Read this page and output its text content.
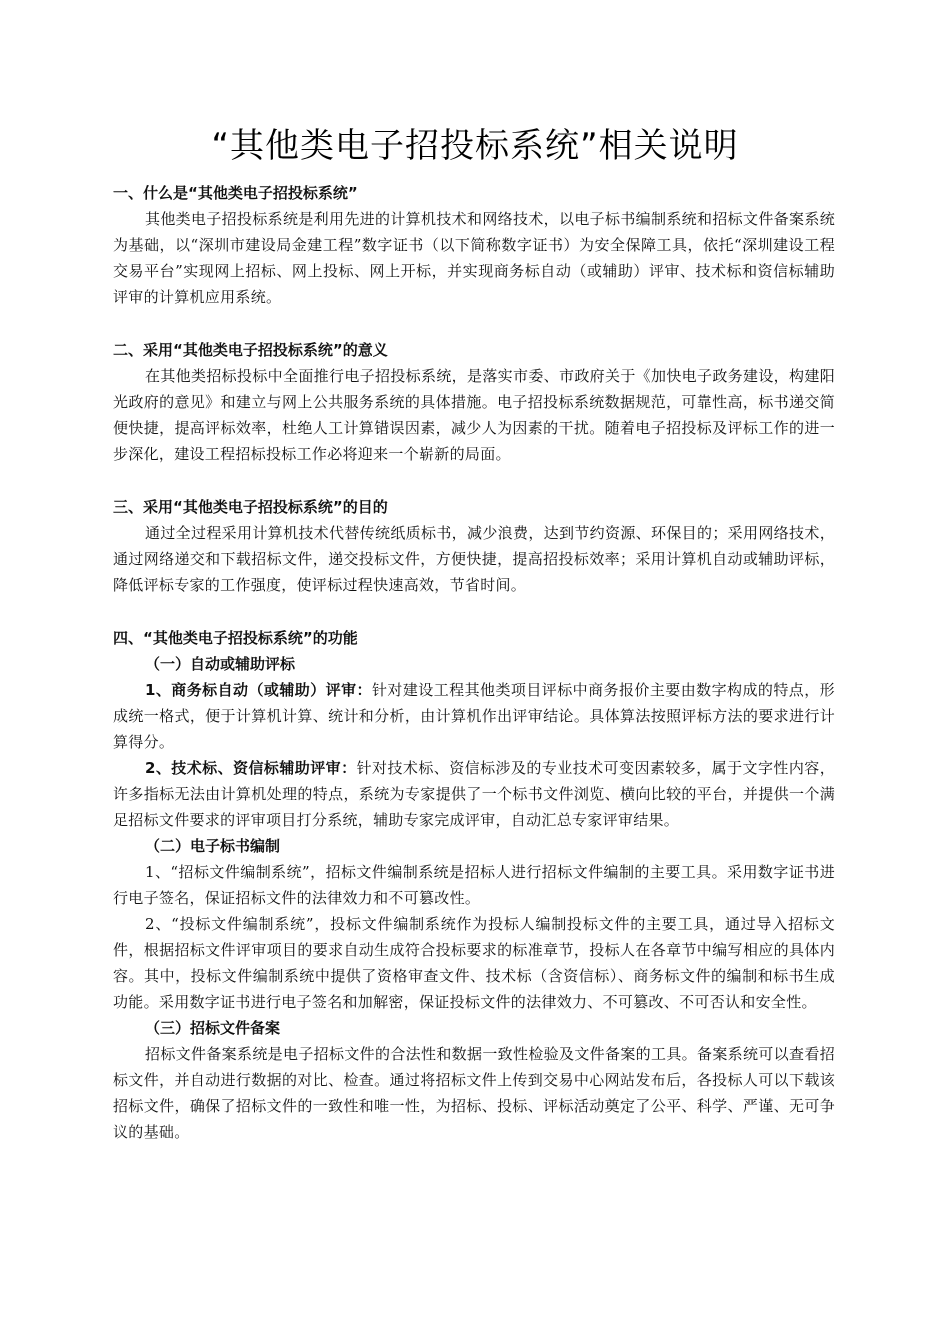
“其他类电子招投标系统”相关说明

一、什么是“其他类电子招投标系统”

其他类电子招投标系统是利用先进的计算机技术和网络技术，以电子标书编制系统和招标文件备案系统为基础，以“深圳市建设局金建工程”数字证书（以下简称数字证书）为安全保障工具，依托“深圳建设工程交易平台”实现网上招标、网上投标、网上开标，并实现商务标自动（或辅助）评审、技术标和资信标辅助评审的计算机应用系统。

二、采用“其他类电子招投标系统”的意义

在其他类招标投标中全面推行电子招投标系统，是落实市委、市政府关于《加快电子政务建设，构建阳光政府的意见》和建立与网上公共服务系统的具体措施。电子招投标系统数据规范，可靠性高，标书递交简便快捷，提高评标效率，杜绝人工计算错误因素，减少人为因素的干扰。随着电子招投标及评标工作的进一步深化，建设工程招标投标工作必将迎来一个崭新的局面。

三、采用“其他类电子招投标系统”的目的

通过全过程采用计算机技术代替传统纸质标书，减少浪费，达到节约资源、环保目的；采用网络技术，通过网络递交和下载招标文件，递交投标文件，方便快捷，提高招投标效率；采用计算机自动或辅助评标，降低评标专家的工作强度，使评标过程快速高效，节省时间。

四、“其他类电子招投标系统”的功能

（一）自动或辅助评标

1、商务标自动（或辅助）评审：针对建设工程其他类项目评标中商务报价主要由数字构成的特点，形成统一格式，便于计算机计算、统计和分析，由计算机作出评审结论。具体算法按照评标方法的要求进行计算得分。

2、技术标、资信标辅助评审：针对技术标、资信标涉及的专业技术可变因素较多，属于文字性内容，许多指标无法由计算机处理的特点，系统为专家提供了一个标书文件浏览、横向比较的平台，并提供一个满足招标文件要求的评审项目打分系统，辅助专家完成评审，自动汇总专家评审结果。

（二）电子标书编制

1、“招标文件编制系统”，招标文件编制系统是招标人进行招标文件编制的主要工具。采用数字证书进行电子签名，保证招标文件的法律效力和不可篡改性。

2、“投标文件编制系统”，投标文件编制系统作为投标人编制投标文件的主要工具，通过导入招标文件，根据招标文件评审项目的要求自动生成符合投标要求的标准章节，投标人在各章节中编写相应的具体内容。其中，投标文件编制系统中提供了资格审查文件、技术标（含资信标）、商务标文件的编制和标书生成功能。采用数字证书进行电子签名和加解密，保证投标文件的法律效力、不可篡改、不可否认和安全性。

（三）招标文件备案

招标文件备案系统是电子招标文件的合法性和数据一致性检验及文件备案的工具。备案系统可以查看招标文件，并自动进行数据的对比、检查。通过将招标文件上传到交易中心网站发布后，各投标人可以下载该招标文件，确保了招标文件的一致性和唯一性，为招标、投标、评标活动奠定了公平、科学、严谨、无可争议的基础。
